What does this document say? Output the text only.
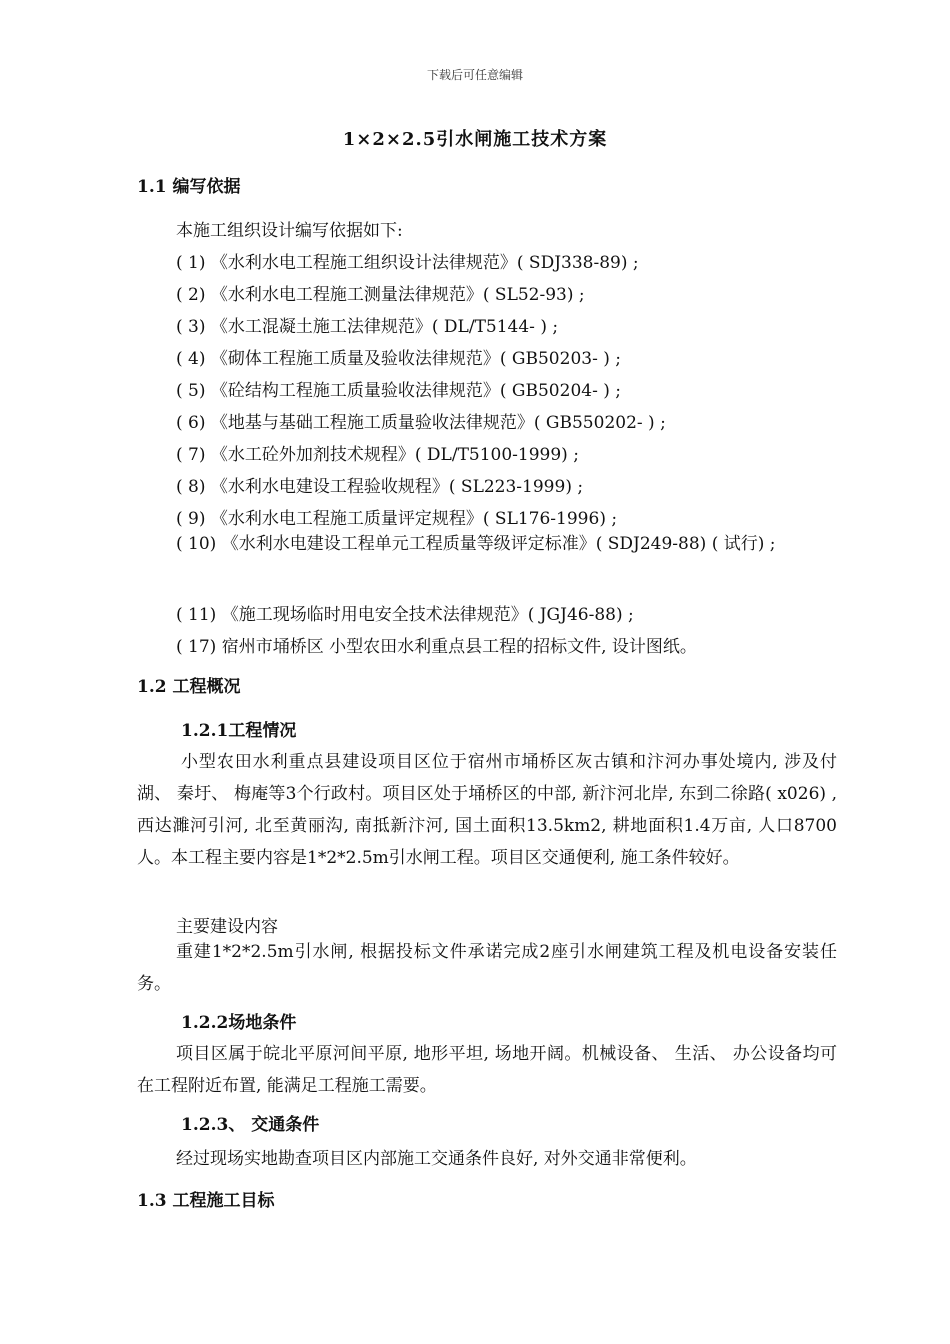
下载后可任意编辑
1×2×2.5引水闸施工技术方案
1.1 编写依据
本施工组织设计编写依据如下:
( 1) 《水利水电工程施工组织设计法律规范》( SDJ338-89) ;
( 2) 《水利水电工程施工测量法律规范》( SL52-93) ;
( 3) 《水工混凝土施工法律规范》( DL/T5144- ) ;
( 4) 《砌体工程施工质量及验收法律规范》( GB50203- ) ;
( 5) 《砼结构工程施工质量验收法律规范》( GB50204- ) ;
( 6) 《地基与基础工程施工质量验收法律规范》( GB550202- ) ;
( 7) 《水工砼外加剂技术规程》( DL/T5100-1999) ;
( 8) 《水利水电建设工程验收规程》( SL223-1999) ;
( 9) 《水利水电工程施工质量评定规程》( SL176-1996) ;

( 10) 《水利水电建设工程单元工程质量等级评定标准》( SDJ249-88) ( 试行) ;

( 11) 《施工现场临时用电安全技术法律规范》( JGJ46-88) ;
( 17) 宿州市埇桥区 小型农田水利重点县工程的招标文件, 设计图纸。
1.2 工程概况
1.2.1工程情况

小型农田水利重点县建设项目区位于宿州市埇桥区灰古镇和汴河办事处境内, 涉及付湖、 秦圩、 梅庵等3个行政村。项目区处于埇桥区的中部, 新汴河北岸, 东到二徐路( x026) , 西达濉河引河, 北至黄丽沟, 南抵新汴河, 国土面积13.5km2, 耕地面积1.4万亩, 人口8700人。本工程主要内容是1*2*2.5m引水闸工程。项目区交通便利, 施工条件较好。

主要建设内容

重建1*2*2.5m引水闸, 根据投标文件承诺完成2座引水闸建筑工程及机电设备安装任务。

1.2.2场地条件

项目区属于皖北平原河间平原, 地形平坦, 场地开阔。机械设备、 生活、 办公设备均可在工程附近布置, 能满足工程施工需要。

1.2.3、 交通条件
经过现场实地勘查项目区内部施工交通条件良好, 对外交通非常便利。
1.3 工程施工目标
